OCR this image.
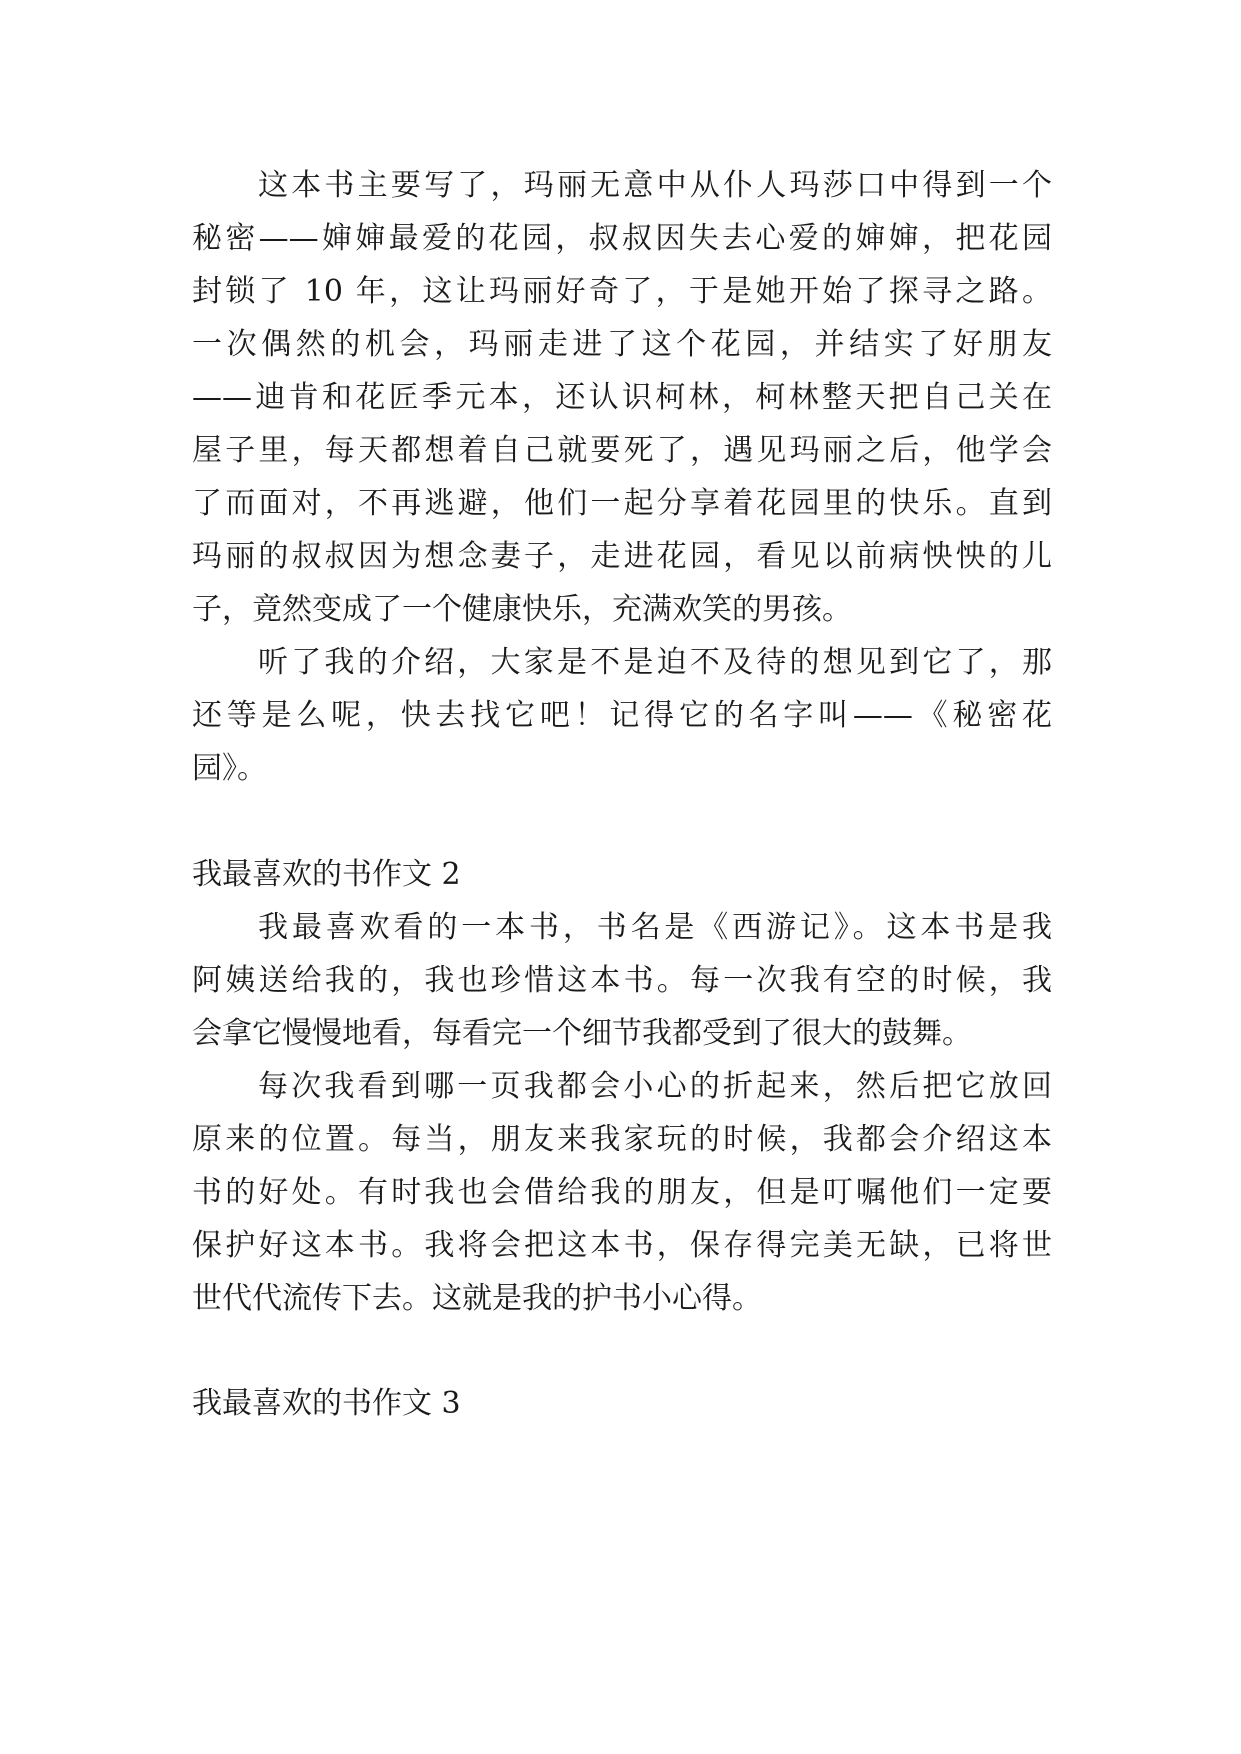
这本书主要写了，玛丽无意中从仆人玛莎口中得到一个
秘密——婶婶最爱的花园，叔叔因失去心爱的婶婶，把花园
封锁了 10 年，这让玛丽好奇了，于是她开始了探寻之路。
一次偶然的机会，玛丽走进了这个花园，并结实了好朋友
——迪肯和花匠季元本，还认识柯林，柯林整天把自己关在
屋子里，每天都想着自己就要死了，遇见玛丽之后，他学会
了而面对，不再逃避，他们一起分享着花园里的快乐。直到
玛丽的叔叔因为想念妻子，走进花园，看见以前病怏怏的儿
子，竟然变成了一个健康快乐，充满欢笑的男孩。
听了我的介绍，大家是不是迫不及待的想见到它了，那
还等是么呢，快去找它吧！记得它的名字叫——《秘密花
园》。
我最喜欢的书作文 2
我最喜欢看的一本书，书名是《西游记》。这本书是我
阿姨送给我的，我也珍惜这本书。每一次我有空的时候，我
会拿它慢慢地看，每看完一个细节我都受到了很大的鼓舞。
每次我看到哪一页我都会小心的折起来，然后把它放回
原来的位置。每当，朋友来我家玩的时候，我都会介绍这本
书的好处。有时我也会借给我的朋友，但是叮嘱他们一定要
保护好这本书。我将会把这本书，保存得完美无缺，已将世
世代代流传下去。这就是我的护书小心得。
我最喜欢的书作文 3
